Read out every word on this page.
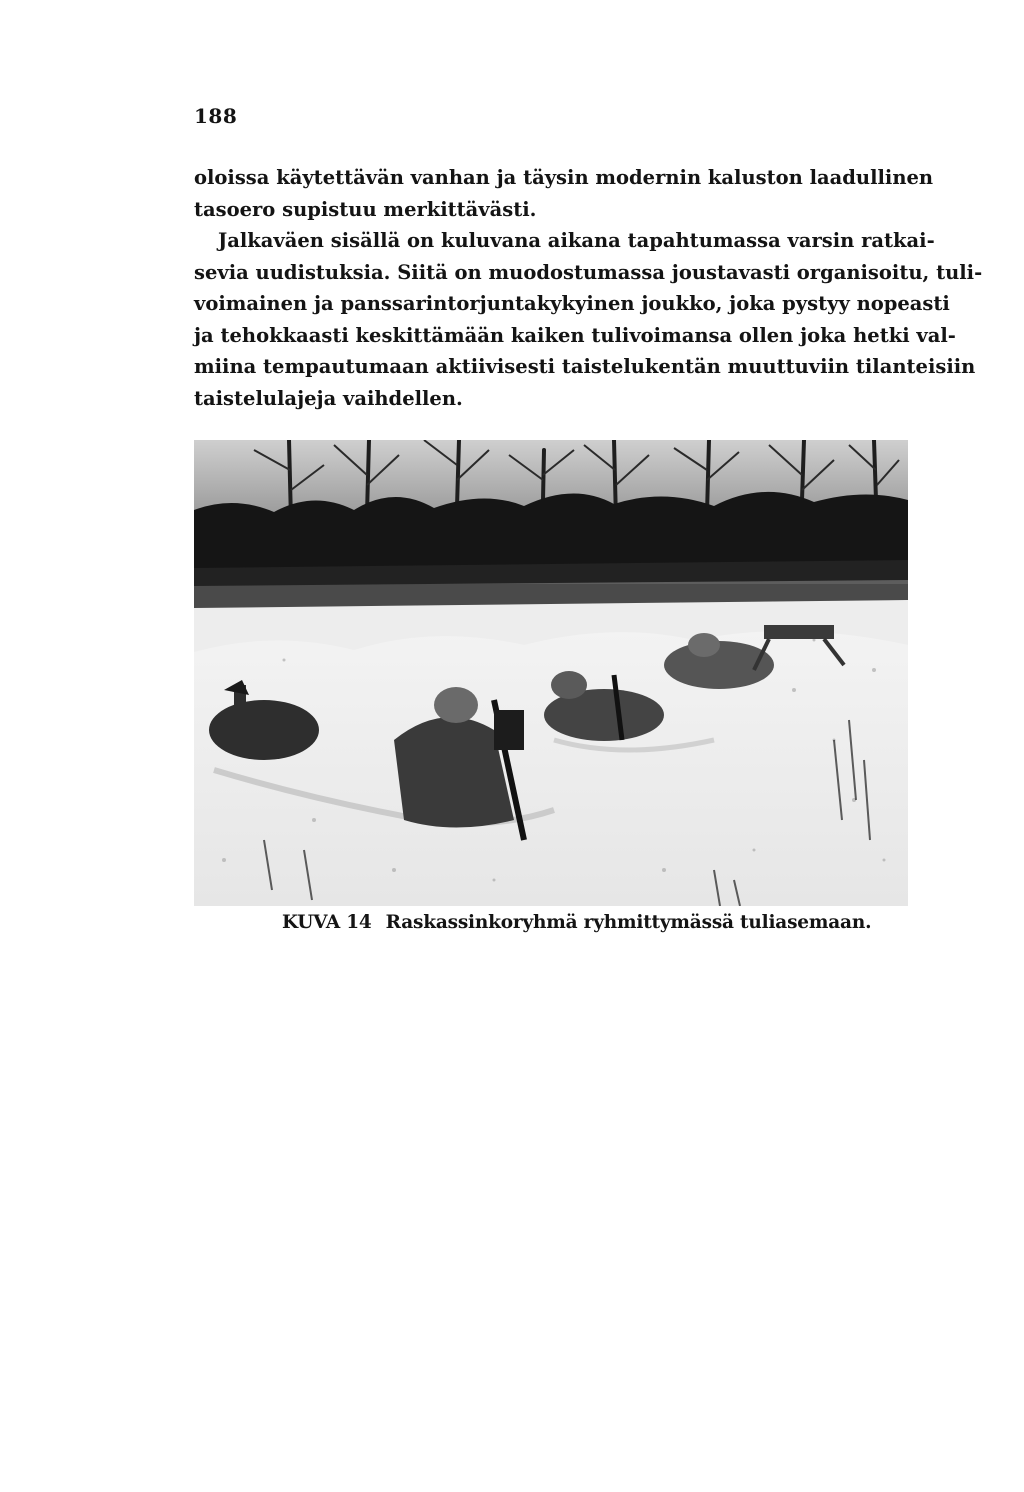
188
oloissa käytettävän vanhan ja täysin modernin kaluston laadullinen
tasoero supistuu merkittävästi.
Jalkaväen sisällä on kuluvana aikana tapahtumassa varsin ratkai-
sevia uudistuksia. Siitä on muodostumassa joustavasti organisoitu, tuli-
voimainen ja panssarintorjuntakykyinen joukko, joka pystyy nopeasti
ja tehokkaasti keskittämään kaiken tulivoimansa ollen joka hetki val-
miina tempautumaan aktiivisesti taistelukentän muuttuviin tilanteisiin
taistelulajeja vaihdellen.
KUVA 14 Raskassinkoryhmä ryhmittymässä tuliasemaan.
